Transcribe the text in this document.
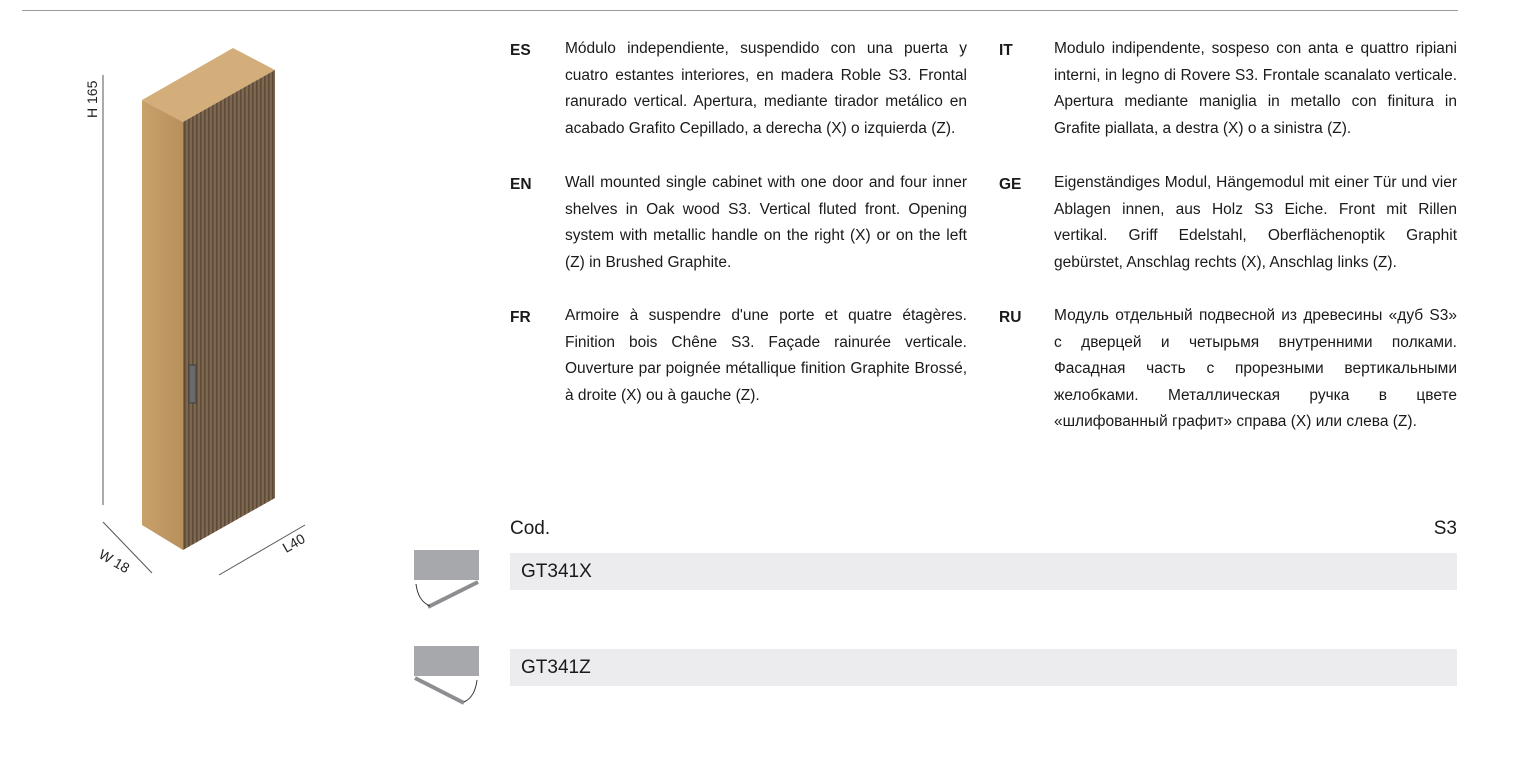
H 165
W 18
L40
ES Módulo independiente, suspendido con una puerta y cuatro estantes interiores, en madera Roble S3. Frontal ranurado vertical. Apertura, mediante tirador metálico en acabado Grafito Cepillado, a derecha (X) o izquierda (Z).
EN Wall mounted single cabinet with one door and four inner shelves in Oak wood S3. Vertical fluted front. Opening system with metallic handle on the right (X) or on the left (Z) in Brushed Graphite.
FR Armoire à suspendre d'une porte et quatre étagères. Finition bois Chêne S3. Façade rainurée verticale. Ouverture par poignée métallique finition Graphite Brossé, à droite (X) ou à gauche (Z).
IT	Modulo indipendente, sospeso con anta e quattro ripiani interni, in legno di Rovere S3. Frontale scanalato verticale. Apertura mediante maniglia in metallo con finitura in Grafite piallata, a destra (X) o a sinistra (Z).
GE Eigenständiges Modul, Hängemodul mit einer Tür und vier Ablagen innen, aus Holz S3 Eiche. Front mit Rillen vertikal. Griff Edelstahl, Oberflächenoptik Graphit gebürstet, Anschlag rechts (X), Anschlag links (Z).
RU Модуль отдельный подвесной из древесины «дуб S3» с дверцей и четырьмя внутренними полками. Фасадная часть с прорезными вертикальными желобками. Металлическая ручка в цвете «шлифованный графит» справа (X) или слева (Z).
Cod.	S3
GT341X
GT341Z
